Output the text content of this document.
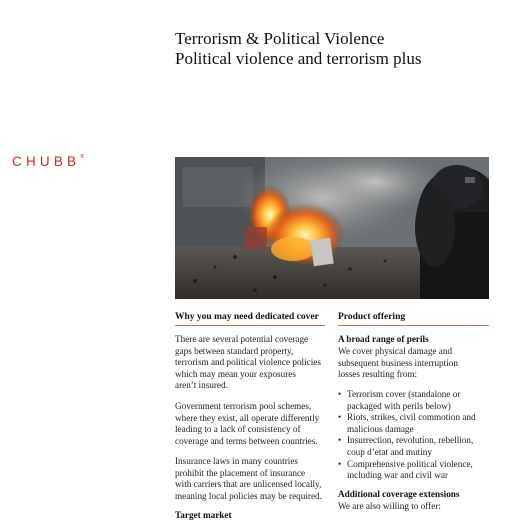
Terrorism & Political Violence
Political violence and terrorism plus
CHUBB®
Why you may need dedicated cover

There are several potential coverage
gaps between standard property,
terrorism and political violence policies
which may mean your exposures
aren’t insured.

Government terrorism pool schemes,
where they exist, all operate differently
leading to a lack of consistency of
coverage and terms between countries.

Insurance laws in many countries
prohibit the placement of insurance
with carriers that are unlicensed locally,
meaning local policies may be required.

Target market
Product offering
A broad range of perils

We cover physical damage and
subsequent business interruption
losses resulting from:

• Terrorism cover (standalone or
packaged with perils below)
• Riots, strikes, civil commotion and
malicious damage
• Insurrection, revolution, rebellion,
coup d’etat and mutiny
• Comprehensive political violence,
including war and civil war
Additional coverage extensions
We are also willing to offer:
